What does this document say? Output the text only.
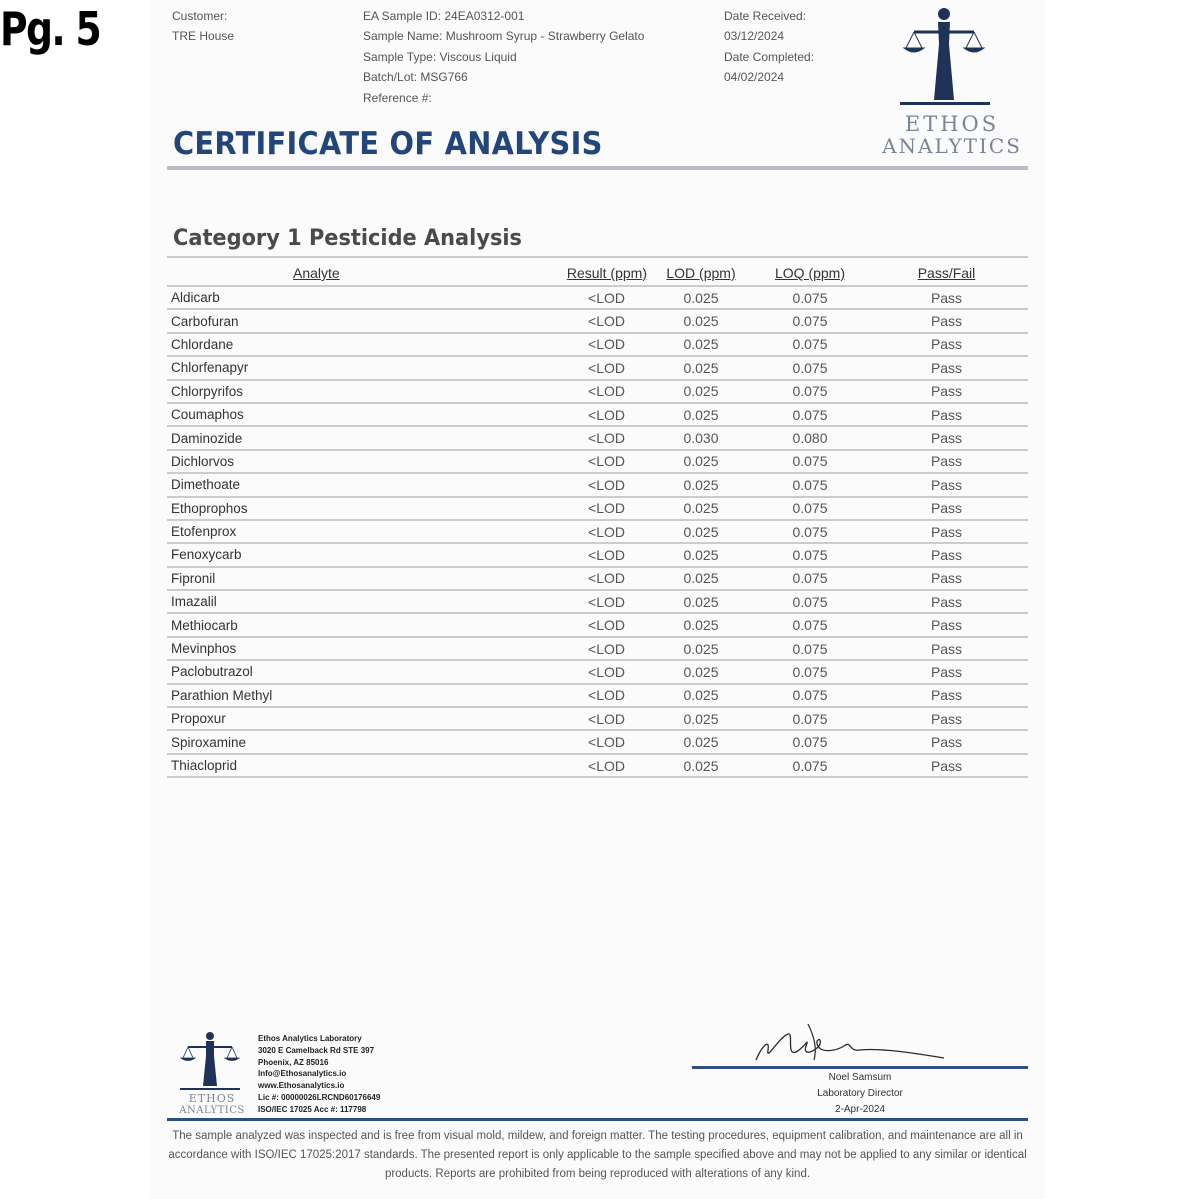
Pg. 5	Customer:
TRE House
EA Sample ID: 24EA0312-001
Sample Name: Mushroom Syrup - Strawberry Gelato
Sample Type: Viscous Liquid
Batch/Lot: MSG766
Reference #:
Date Received:
03/12/2024
Date Completed:
04/02/2024
ETHOS
ANALYTICS
CERTIFICATE OF ANALYSIS
Category 1 Pesticide Analysis
Analyte	Result (ppm)	LOD (ppm)	LOQ (ppm)	Pass/Fail
Aldicarb	<LOD	0.025	0.075	Pass
Carbofuran	<LOD	0.025	0.075	Pass
Chlordane	<LOD	0.025	0.075	Pass
Chlorfenapyr	<LOD	0.025	0.075	Pass
Chlorpyrifos	<LOD	0.025	0.075	Pass
Coumaphos	<LOD	0.025	0.075	Pass
Daminozide	<LOD	0.030	0.080	Pass
Dichlorvos	<LOD	0.025	0.075	Pass
Dimethoate	<LOD	0.025	0.075	Pass
Ethoprophos	<LOD	0.025	0.075	Pass
Etofenprox	<LOD	0.025	0.075	Pass
Fenoxycarb	<LOD	0.025	0.075	Pass
Fipronil	<LOD	0.025	0.075	Pass
Imazalil	<LOD	0.025	0.075	Pass
Methiocarb	<LOD	0.025	0.075	Pass
Mevinphos	<LOD	0.025	0.075	Pass
Paclobutrazol	<LOD	0.025	0.075	Pass
Parathion Methyl	<LOD	0.025	0.075	Pass
Propoxur	<LOD	0.025	0.075	Pass
Spiroxamine	<LOD	0.025	0.075	Pass
Thiacloprid	<LOD	0.025	0.075	Pass
ETHOS
ANALYTICS
Ethos Analytics Laboratory
3020 E Camelback Rd STE 397
Phoenix, AZ 85016
Info@Ethosanalytics.io
www.Ethosanalytics.io
Lic #: 00000026LRCND60176649
ISO/IEC 17025 Acc #: 117798
Noel Samsum
Laboratory Director
2-Apr-2024
The sample analyzed was inspected and is free from visual mold, mildew, and foreign matter. The testing procedures, equipment calibration, and maintenance are all in accordance with ISO/IEC 17025:2017 standards. The presented report is only applicable to the sample specified above and may not be applied to any similar or identical products. Reports are prohibited from being reproduced with alterations of any kind.
